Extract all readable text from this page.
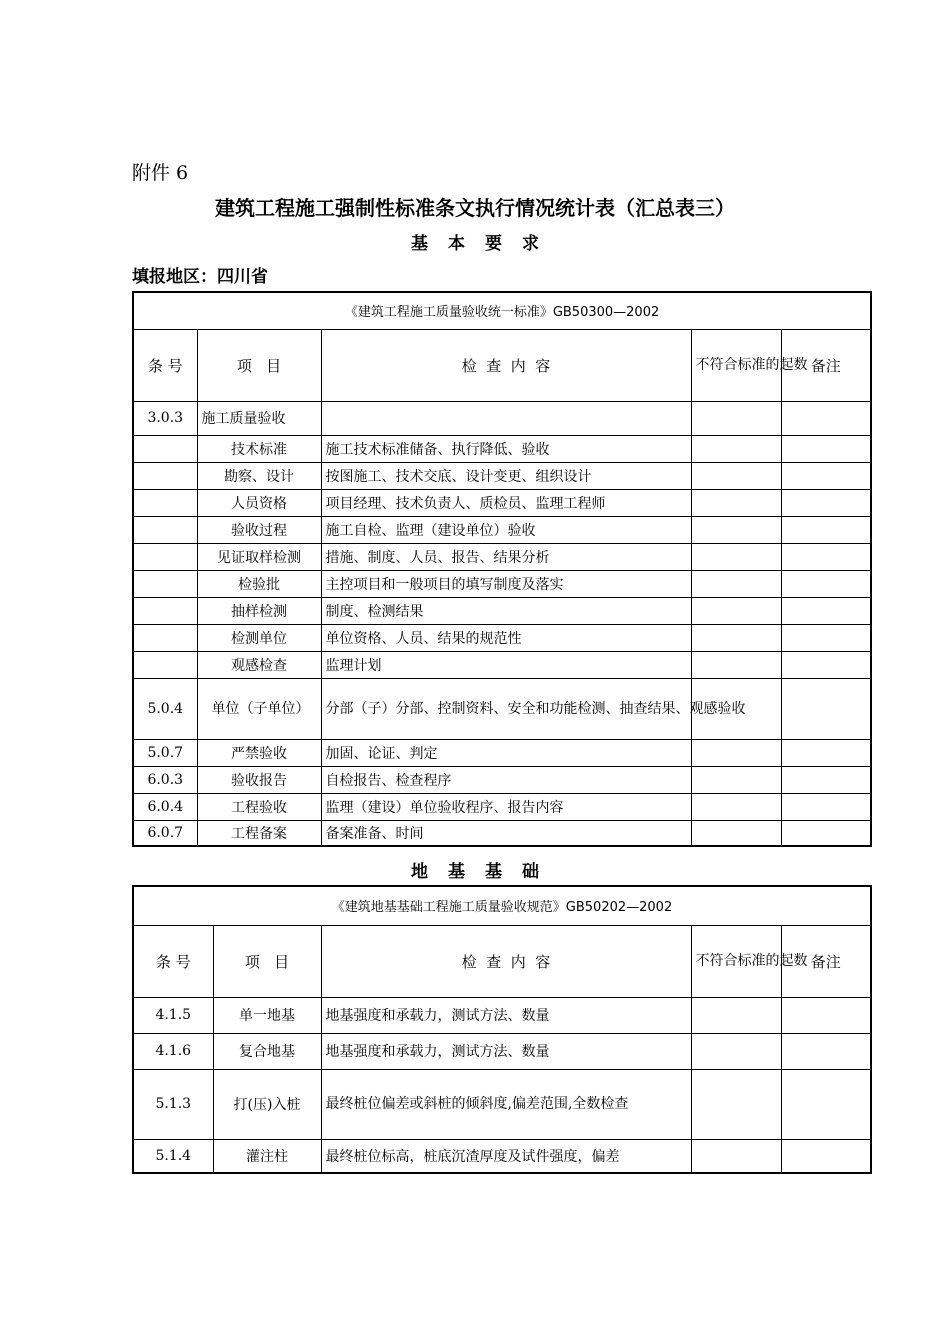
附件 6
建筑工程施工强制性标准条文执行情况统计表（汇总表三）
基本要求
填报地区：四川省
《建筑工程施工质量验收统一标准》GB50300—2002				
条 号	项   目	检  查  内  容	不符合标准的起数	备注
3.0.3	施工质量验收			
	技术标准	施工技术标准储备、执行降低、验收		
	勘察、设计	按图施工、技术交底、设计变更、组织设计		
	人员资格	项目经理、技术负责人、质检员、监理工程师		
	验收过程	施工自检、监理（建设单位）验收		
	见证取样检测	措施、制度、人员、报告、结果分析		
	检验批	主控项目和一般项目的填写制度及落实		
	抽样检测	制度、检测结果		
	检测单位	单位资格、人员、结果的规范性		
	观感检查	监理计划		
5.0.4	单位（子单位）	分部（子）分部、控制资料、安全和功能检测、抽查结果、观感验收		
5.0.7	严禁验收	加固、论证、判定		
6.0.3	验收报告	自检报告、检查程序		
6.0.4	工程验收	监理（建设）单位验收程序、报告内容		
6.0.7	工程备案	备案准备、时间		
地基基础
《建筑地基基础工程施工质量验收规范》GB50202—2002				
条 号	项   目	检  查  内  容	不符合标准的起数	备注
4.1.5	单一地基	地基强度和承载力，测试方法、数量		
4.1.6	复合地基	地基强度和承载力，测试方法、数量		
5.1.3	打(压)入桩	最终桩位偏差或斜桩的倾斜度,偏差范围,全数检查		
5.1.4	灌注柱	最终桩位标高，桩底沉渣厚度及试件强度，偏差		
